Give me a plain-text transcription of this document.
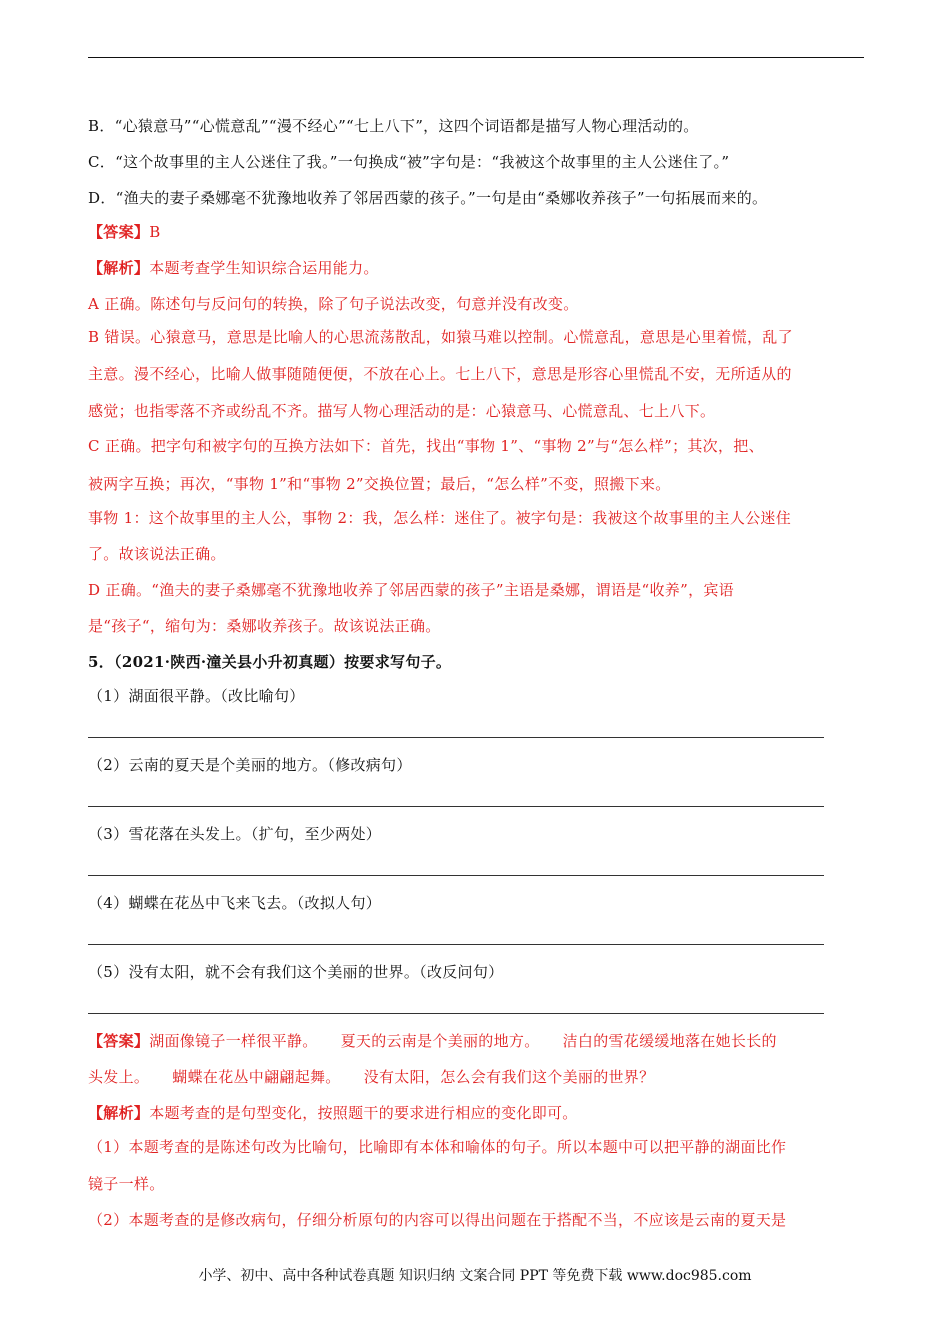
B．“心猿意马”“心慌意乱”“漫不经心”“七上八下”，这四个词语都是描写人物心理活动的。
C．“这个故事里的主人公迷住了我。”一句换成“被”字句是：“我被这个故事里的主人公迷住了。”
D．“渔夫的妻子桑娜毫不犹豫地收养了邻居西蒙的孩子。”一句是由“桑娜收养孩子”一句拓展而来的。
【答案】B
【解析】本题考查学生知识综合运用能力。
A 正确。陈述句与反问句的转换，除了句子说法改变，句意并没有改变。
B 错误。心猿意马，意思是比喻人的心思流荡散乱，如猿马难以控制。心慌意乱，意思是心里着慌，乱了
主意。漫不经心，比喻人做事随随便便，不放在心上。七上八下，意思是形容心里慌乱不安，无所适从的
感觉；也指零落不齐或纷乱不齐。描写人物心理活动的是：心猿意马、心慌意乱、七上八下。
C 正确。把字句和被字句的互换方法如下：首先，找出“事物 1”、“事物 2”与“怎么样”；其次，把、
被两字互换；再次，“事物 1”和“事物 2”交换位置；最后，“怎么样”不变，照搬下来。
事物 1：这个故事里的主人公，事物 2：我，怎么样：迷住了。被字句是：我被这个故事里的主人公迷住
了。故该说法正确。
D 正确。“渔夫的妻子桑娜毫不犹豫地收养了邻居西蒙的孩子”主语是桑娜，谓语是“收养”，宾语
是“孩子“，缩句为：桑娜收养孩子。故该说法正确。
5．（2021·陕西·潼关县小升初真题）按要求写句子。
（1）湖面很平静。（改比喻句）
（2）云南的夏天是个美丽的地方。（修改病句）
（3）雪花落在头发上。（扩句，至少两处）
（4）蝴蝶在花丛中飞来飞去。（改拟人句）
（5）没有太阳，就不会有我们这个美丽的世界。（改反问句）
【答案】湖面像镜子一样很平静。　　夏天的云南是个美丽的地方。　　洁白的雪花缓缓地落在她长长的
头发上。　　蝴蝶在花丛中翩翩起舞。　　没有太阳，怎么会有我们这个美丽的世界？
【解析】本题考查的是句型变化，按照题干的要求进行相应的变化即可。
（1）本题考查的是陈述句改为比喻句，比喻即有本体和喻体的句子。所以本题中可以把平静的湖面比作
镜子一样。
（2）本题考查的是修改病句，仔细分析原句的内容可以得出问题在于搭配不当，不应该是云南的夏天是
小学、初中、高中各种试卷真题 知识归纳 文案合同 PPT 等免费下载 www.doc985.com
